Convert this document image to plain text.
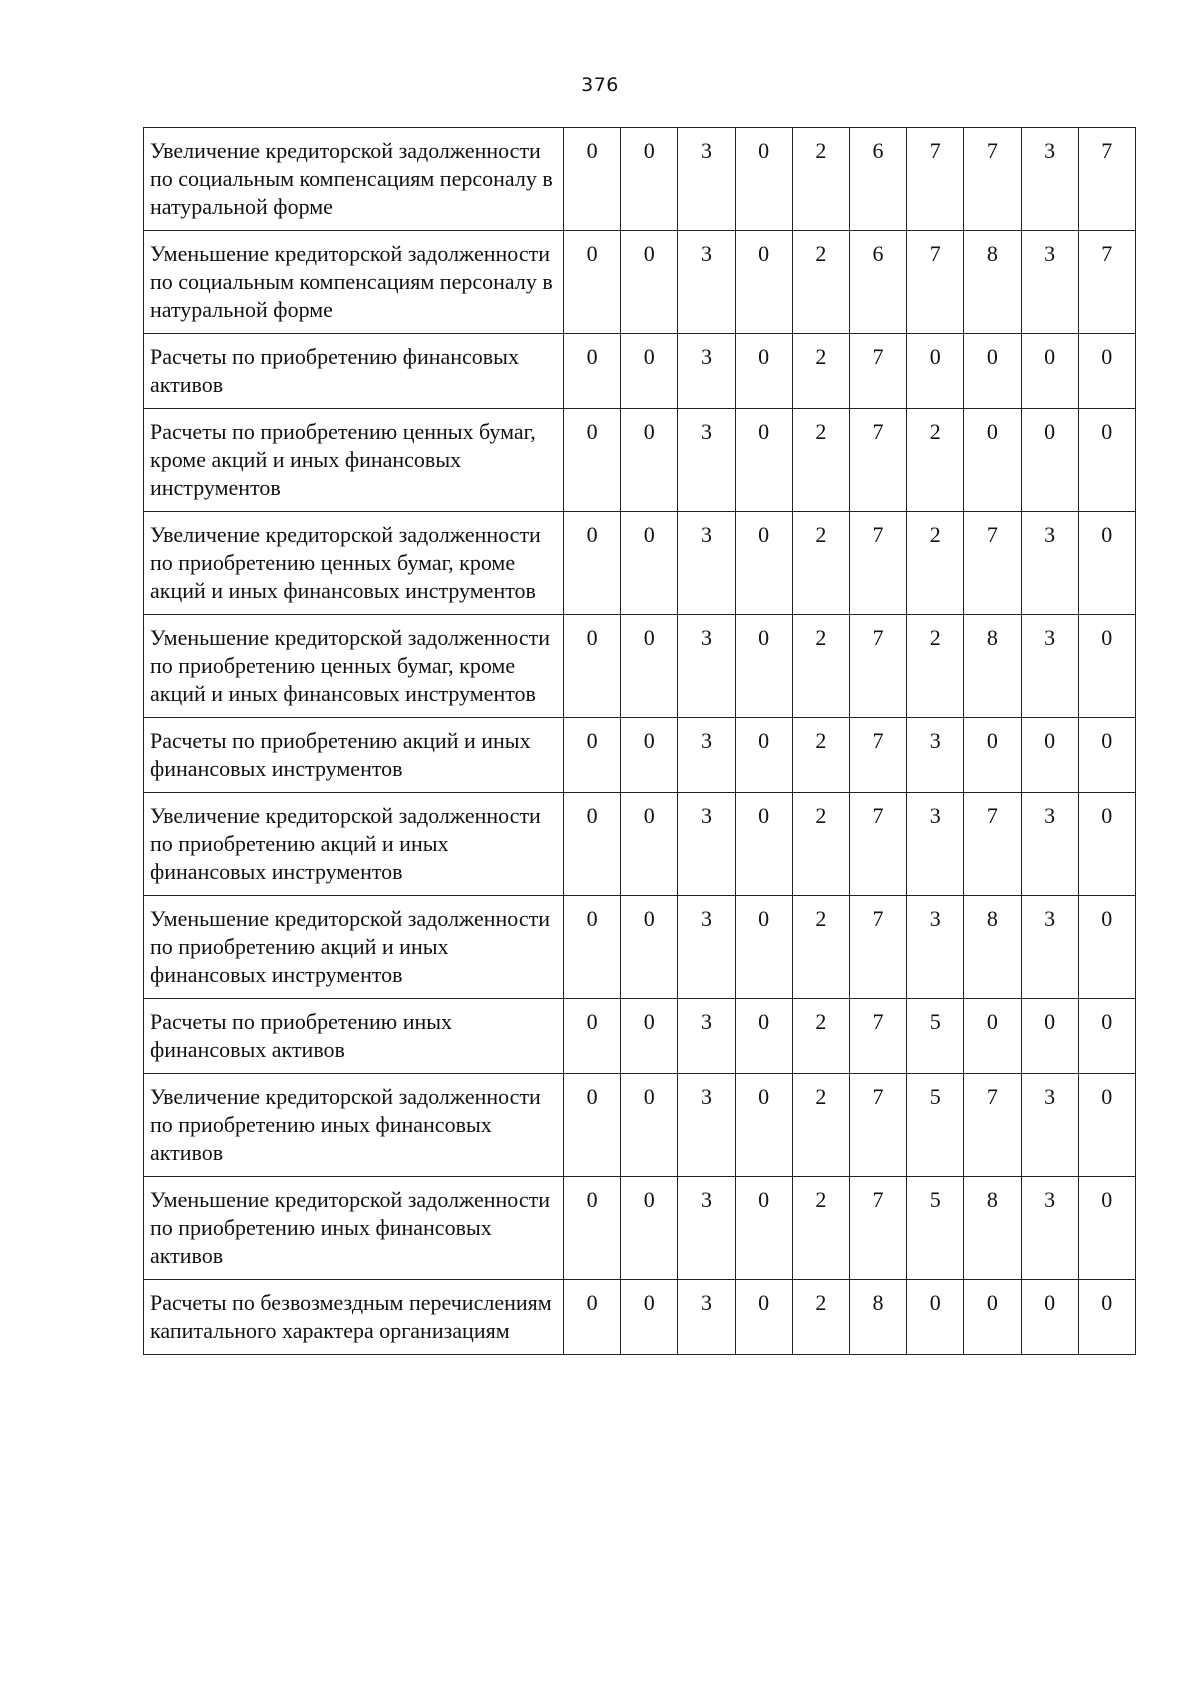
376
Увеличение кредиторской задолженности по социальным компенсациям персоналу в натуральной форме	0	0	3	0	2	6	7	7	3	7
Уменьшение кредиторской задолженности по социальным компенсациям персоналу в натуральной форме	0	0	3	0	2	6	7	8	3	7
Расчеты по приобретению финансовых активов	0	0	3	0	2	7	0	0	0	0
Расчеты по приобретению ценных бумаг, кроме акций и иных финансовых инструментов	0	0	3	0	2	7	2	0	0	0
Увеличение кредиторской задолженности по приобретению ценных бумаг, кроме акций и иных финансовых инструментов	0	0	3	0	2	7	2	7	3	0
Уменьшение кредиторской задолженности по приобретению ценных бумаг, кроме акций и иных финансовых инструментов	0	0	3	0	2	7	2	8	3	0
Расчеты по приобретению акций и иных финансовых инструментов	0	0	3	0	2	7	3	0	0	0
Увеличение кредиторской задолженности по приобретению акций и иных финансовых инструментов	0	0	3	0	2	7	3	7	3	0
Уменьшение кредиторской задолженности по приобретению акций и иных финансовых инструментов	0	0	3	0	2	7	3	8	3	0
Расчеты по приобретению иных финансовых активов	0	0	3	0	2	7	5	0	0	0
Увеличение кредиторской задолженности по приобретению иных финансовых активов	0	0	3	0	2	7	5	7	3	0
Уменьшение кредиторской задолженности по приобретению иных финансовых активов	0	0	3	0	2	7	5	8	3	0
Расчеты по безвозмездным перечислениям капитального характера организациям	0	0	3	0	2	8	0	0	0	0
